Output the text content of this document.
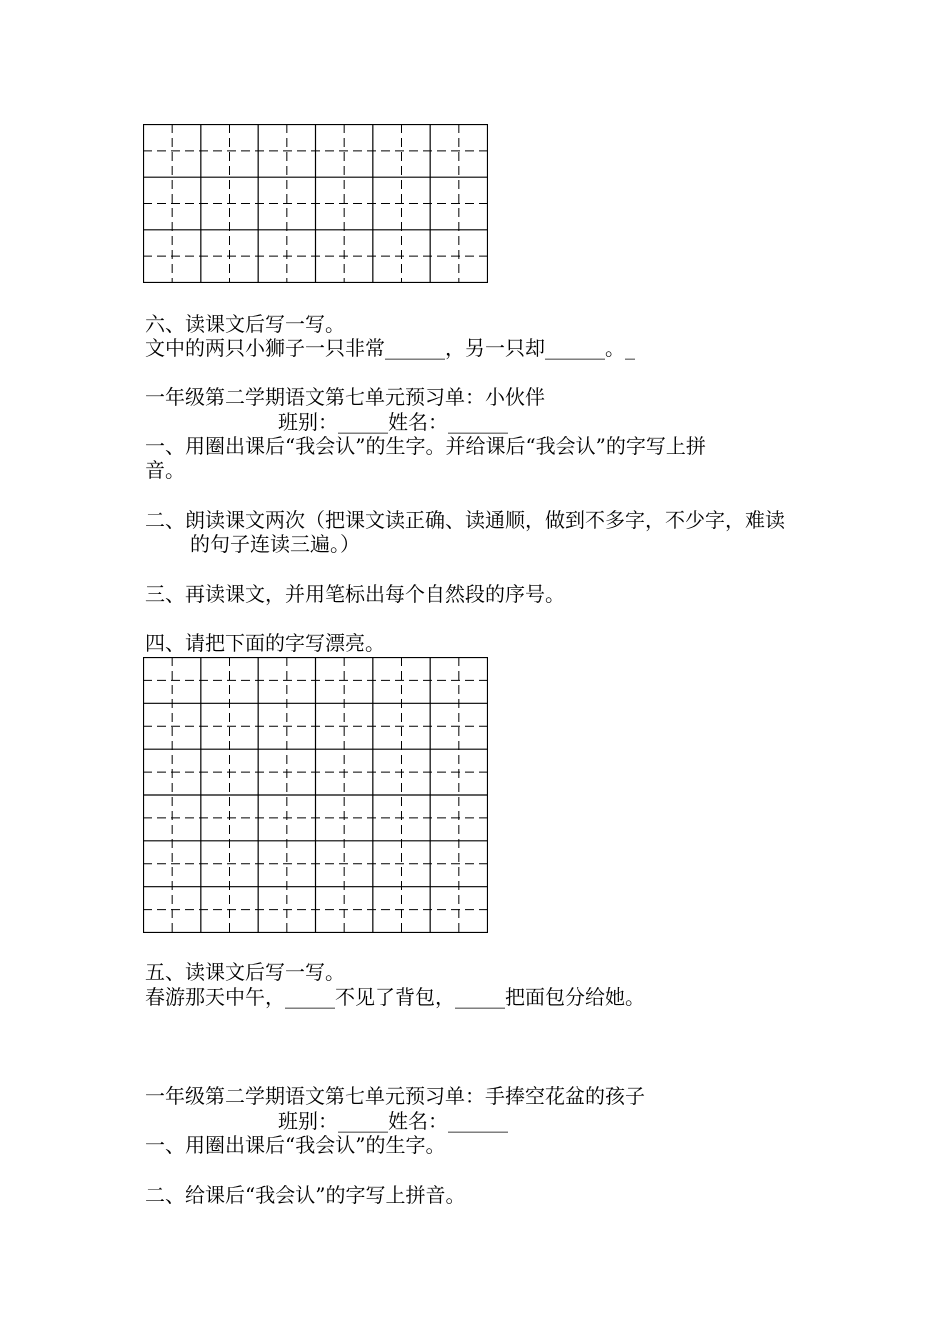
六、读课文后写一写。
文中的两只小狮子一只非常______，另一只却______。_
一年级第二学期语文第七单元预习单：小伙伴
班别：_____姓名：______
一、用圈出课后“我会认”的生字。并给课后“我会认”的字写上拼
音。
二、朗读课文两次（把课文读正确、读通顺，做到不多字，不少字，难读
的句子连读三遍。）
三、再读课文，并用笔标出每个自然段的序号。
四、请把下面的字写漂亮。
五、读课文后写一写。
春游那天中午，_____不见了背包，_____把面包分给她。
一年级第二学期语文第七单元预习单：手捧空花盆的孩子
班别：_____姓名：______
一、用圈出课后“我会认”的生字。
二、给课后“我会认”的字写上拼音。
